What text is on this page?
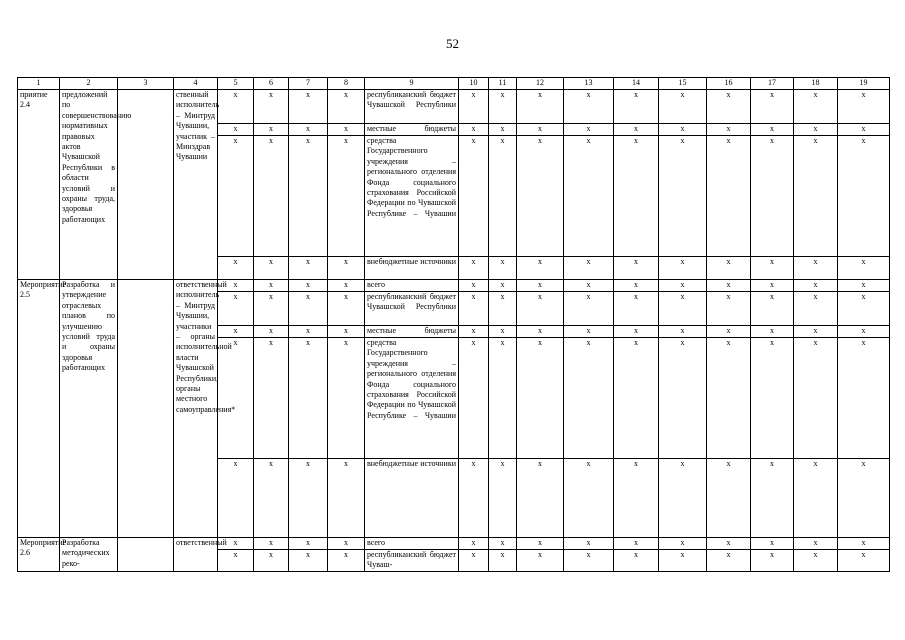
52
1	2	3	4	5	6	7	8	9	10	11	12	13	14	15	16	17	18	19
приятие 2.4	предложений по совершенствованию нормативных правовых актов Чувашской Республики в области условий и охраны труда, здоровья работающих		ственный исполнитель – Минтруд Чувашии, участник – Минздрав Чувашии	x	x	x	x	республиканский бюджет Чувашской Республики	x	x	x	x	x	x	x	x	x	x
				x	x	x	x	местные бюджеты	x	x	x	x	x	x	x	x	x	x
				x	x	x	x	средства Государственного учреждения – регионального отделения Фонда социального страхования Российской Федерации по Чувашской Республике – Чувашии	x	x	x	x	x	x	x	x	x	x
				x	x	x	x	внебюджетные источники	x	x	x	x	x	x	x	x	x	x
Мероприятие 2.5	Разработка и утверждение отраслевых планов по улучшению условий труда и охраны здоровья работающих		ответственный исполнитель – Минтруд Чувашии, участники – органы исполнительной власти Чувашской Республики, органы местного самоуправления*	x	x	x	x	всего	x	x	x	x	x	x	x	x	x	x
				x	x	x	x	республиканский бюджет Чувашской Республики	x	x	x	x	x	x	x	x	x	x
				x	x	x	x	местные бюджеты	x	x	x	x	x	x	x	x	x	x
				x	x	x	x	средства Государственного учреждения – регионального отделения Фонда социального страхования Российской Федерации по Чувашской Республике – Чувашии	x	x	x	x	x	x	x	x	x	x
				x	x	x	x	внебюджетные источники	x	x	x	x	x	x	x	x	x	x
Мероприятие 2.6	Разработка методических реко-		ответственный	x	x	x	x	всего	x	x	x	x	x	x	x	x	x	x
				x	x	x	x	республиканский бюджет Чуваш-	x	x	x	x	x	x	x	x	x	x
